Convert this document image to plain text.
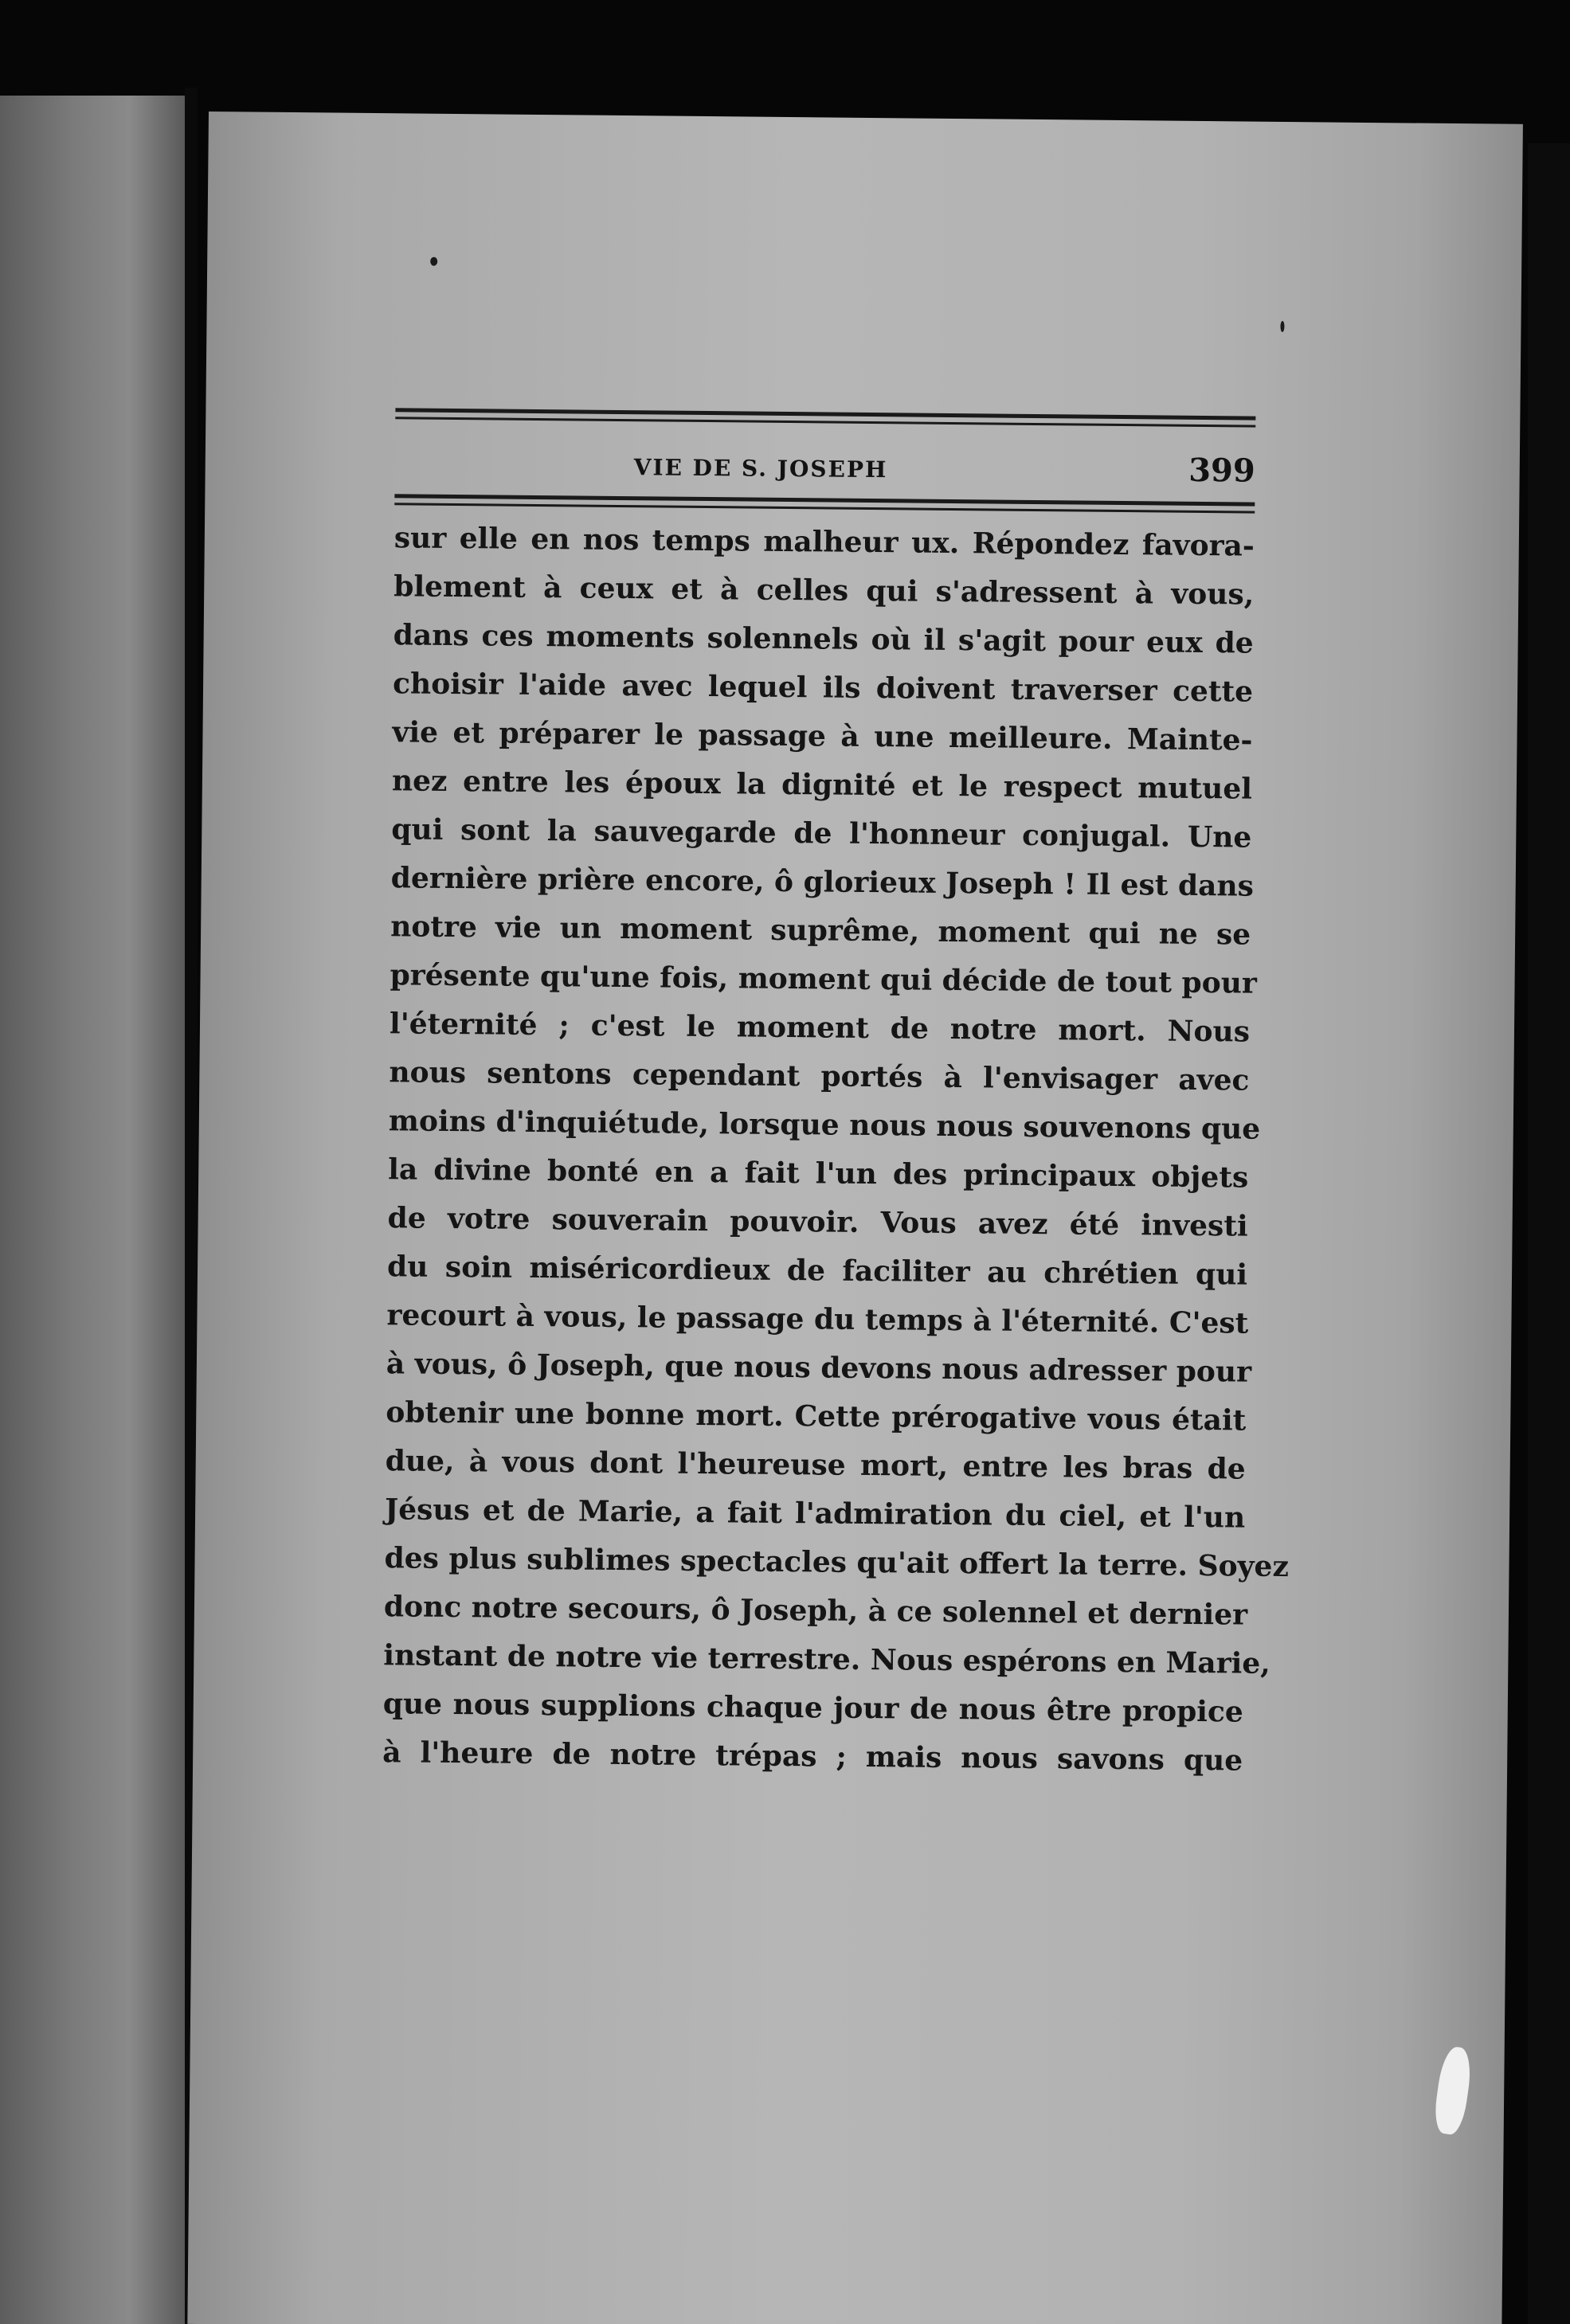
VIE DE S. JOSEPH	399
sur elle en nos temps malheur ux. Répondez favora-
blement à ceux et à celles qui s'adressent à vous,
dans ces moments solennels où il s'agit pour eux de
choisir l'aide avec lequel ils doivent traverser cette
vie et préparer le passage à une meilleure. Mainte-
nez entre les époux la dignité et le respect mutuel
qui sont la sauvegarde de l'honneur conjugal. Une
dernière prière encore, ô glorieux Joseph ! Il est dans
notre vie un moment suprême, moment qui ne se
présente qu'une fois, moment qui décide de tout pour
l'éternité ; c'est le moment de notre mort. Nous
nous sentons cependant portés à l'envisager avec
moins d'inquiétude, lorsque nous nous souvenons que
la divine bonté en a fait l'un des principaux objets
de votre souverain pouvoir. Vous avez été investi
du soin miséricordieux de faciliter au chrétien qui
recourt à vous, le passage du temps à l'éternité. C'est
à vous, ô Joseph, que nous devons nous adresser pour
obtenir une bonne mort. Cette prérogative vous était
due, à vous dont l'heureuse mort, entre les bras de
Jésus et de Marie, a fait l'admiration du ciel, et l'un
des plus sublimes spectacles qu'ait offert la terre. Soyez
donc notre secours, ô Joseph, à ce solennel et dernier
instant de notre vie terrestre. Nous espérons en Marie,
que nous supplions chaque jour de nous être propice
à l'heure de notre trépas ; mais nous savons que
